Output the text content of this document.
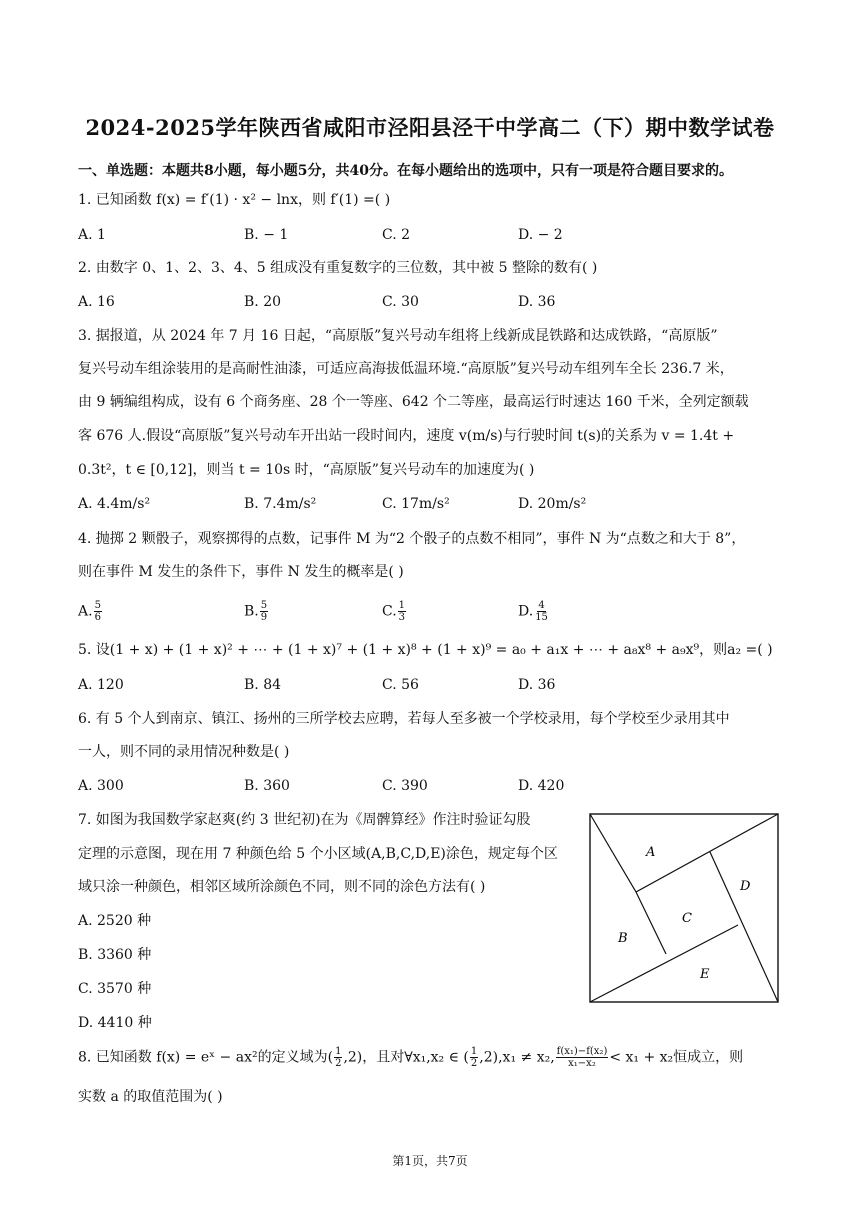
2024-2025学年陕西省咸阳市泾阳县泾干中学高二（下）期中数学试卷
一、单选题：本题共8小题，每小题5分，共40分。在每小题给出的选项中，只有一项是符合题目要求的。
1. 已知函数 f(x) = f′(1) · x² − lnx，则 f′(1) =( )
A. 1	B. − 1	C. 2	D. − 2
2. 由数字 0、1、2、3、4、5 组成没有重复数字的三位数，其中被 5 整除的数有( )
A. 16	B. 20	C. 30	D. 36
3. 据报道，从 2024 年 7 月 16 日起，“高原版”复兴号动车组将上线新成昆铁路和达成铁路，“高原版”
复兴号动车组涂装用的是高耐性油漆，可适应高海拔低温环境.“高原版”复兴号动车组列车全长 236.7 米，
由 9 辆编组构成，设有 6 个商务座、28 个一等座、642 个二等座，最高运行时速达 160 千米，全列定额载
客 676 人.假设“高原版”复兴号动车开出站一段时间内，速度 v(m/s)与行驶时间 t(s)的关系为 v = 1.4t +
0.3t²，t ∈ [0,12]，则当 t = 10s 时，“高原版”复兴号动车的加速度为( )
A. 4.4m/s²	B. 7.4m/s²	C. 17m/s²	D. 20m/s²
4. 抛掷 2 颗骰子，观察掷得的点数，记事件 M 为“2 个骰子的点数不相同”，事件 N 为“点数之和大于 8”，
则在事件 M 发生的条件下，事件 N 发生的概率是( )
A. $\frac{5}{6}$	B. $\frac{5}{9}$	C. $\frac{1}{3}$	D. $\frac{4}{15}$
5. 设(1 + x) + (1 + x)² + ⋯ + (1 + x)⁷ + (1 + x)⁸ + (1 + x)⁹ = a₀ + a₁x + ⋯ + a₈x⁸ + a₉x⁹，则a₂ =( )
A. 120	B. 84	C. 56	D. 36
6. 有 5 个人到南京、镇江、扬州的三所学校去应聘，若每人至多被一个学校录用，每个学校至少录用其中
一人，则不同的录用情况种数是( )
A. 300	B. 360	C. 390	D. 420
7. 如图为我国数学家赵爽(约 3 世纪初)在为《周髀算经》作注时验证勾股
定理的示意图，现在用 7 种颜色给 5 个小区域(A,B,C,D,E)涂色，规定每个区
域只涂一种颜色，相邻区域所涂颜色不同，则不同的涂色方法有( )
A. 2520 种
B. 3360 种
C. 3570 种
D. 4410 种
A
B
C
D
E
8. 已知函数 f(x) = eˣ − ax²的定义域为( $\frac{1}{2} ,2$)，且对∀x₁,x₂ ∈ ( $\frac{1}{2} ,2),x_1 \ne x_2$, $\frac{\text{f(x₁)−f(x₂)}}{\text{x₁−x₂}} < x_1 + x_2$恒成立，则
实数 a 的取值范围为( )
第1页，共7页
